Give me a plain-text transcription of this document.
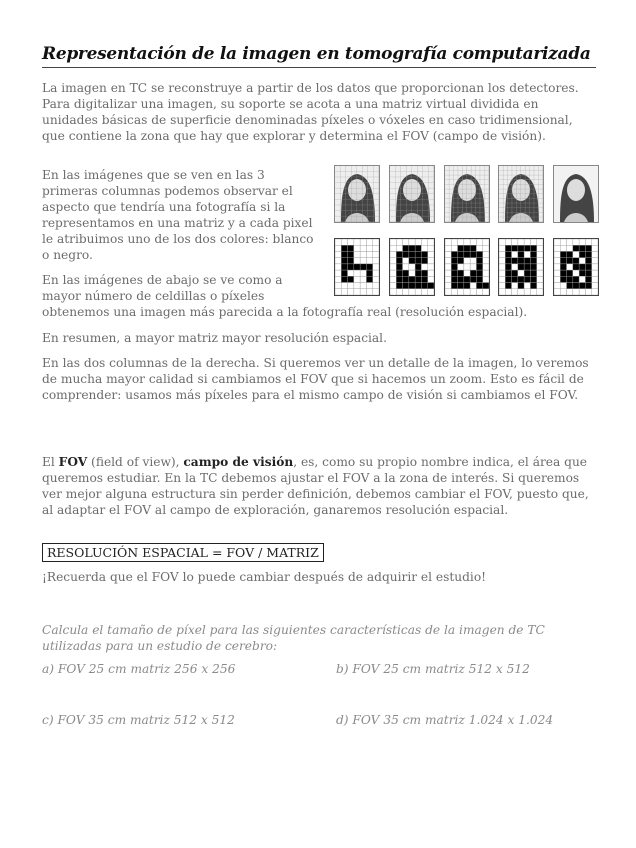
Representación de la imagen en tomografía computarizada

La imagen en TC se reconstruye a partir de los datos que proporcionan los detectores. Para digitalizar una imagen, su soporte se acota a una matriz virtual dividida en unidades básicas de superficie denominadas píxeles o vóxeles en caso tridimensional, que contiene la zona que hay que explorar y determina el FOV (campo de visión).

En las imágenes que se ven en las 3 primeras columnas podemos observar el aspecto que tendría una fotografía si la representamos en una matriz y a cada pixel le atribuimos uno de los dos colores: blanco o negro.

En las imágenes de abajo se ve como a mayor número de celdillas o píxeles

obtenemos una imagen más parecida a la fotografía real (resolución espacial).

En resumen, a mayor matriz mayor resolución espacial.

En las dos columnas de la derecha. Si queremos ver un detalle de la imagen, lo veremos de mucha mayor calidad si cambiamos el FOV que si hacemos un zoom. Esto es fácil de comprender: usamos más píxeles para el mismo campo de visión si cambiamos el FOV.

El FOV (field of view), campo de visión, es, como su propio nombre indica, el área que queremos estudiar. En la TC debemos ajustar el FOV a la zona de interés. Si queremos ver mejor alguna estructura sin perder definición, debemos cambiar el FOV, puesto que, al adaptar el FOV al campo de exploración, ganaremos resolución espacial.

RESOLUCIÓN ESPACIAL = FOV / MATRIZ

¡Recuerda que el FOV lo puede cambiar después de adquirir el estudio!

Calcula el tamaño de píxel para las siguientes características de la imagen de TC utilizadas para un estudio de cerebro:
a) FOV 25 cm matriz 256 x 256	b) FOV 25 cm matriz 512 x 512
c) FOV 35 cm matriz 512 x 512	d) FOV 35 cm matriz 1.024 x 1.024
